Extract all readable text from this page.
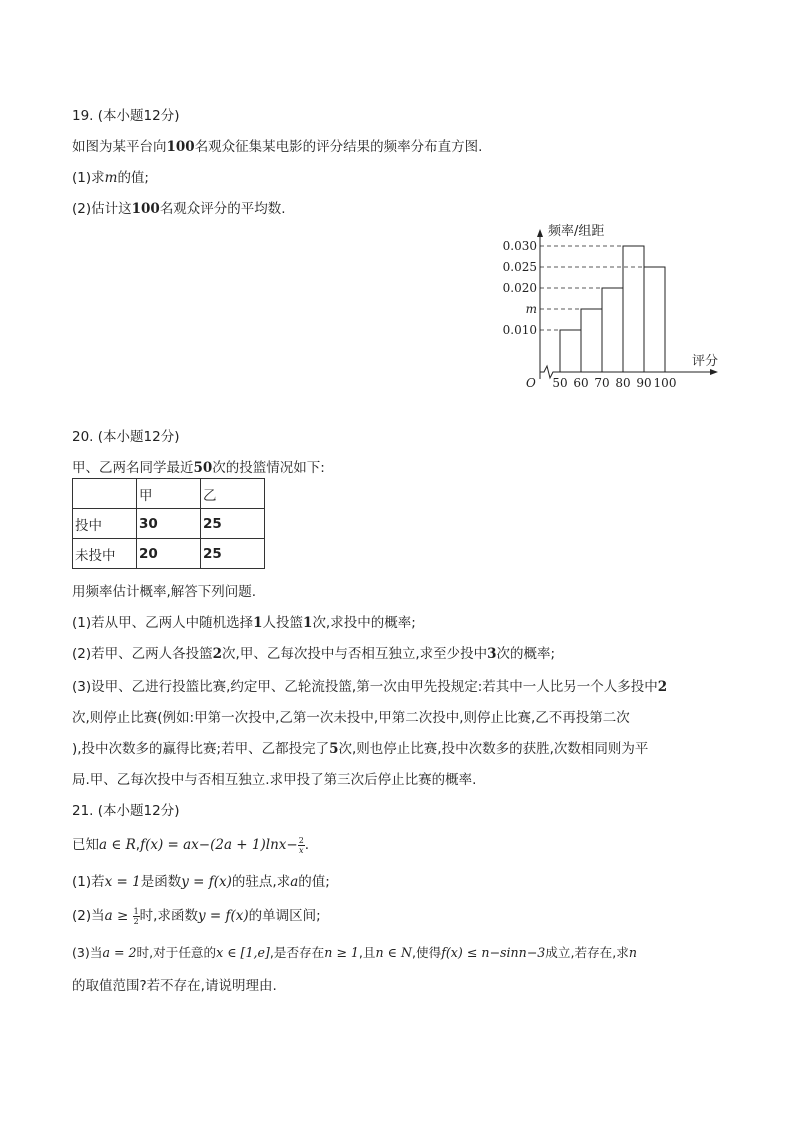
19. (本小题12分)
如图为某平台向100名观众征集某电影的评分结果的频率分布直方图.
(1)求m的值;
(2)估计这100名观众评分的平均数.
频率/组距
评分
O
0.030
0.025
0.020
m
0.010
50 60 70 80 90 100
20. (本小题12分)
甲、乙两名同学最近50次的投篮情况如下:
	甲	乙
投中	30	25
未投中	20	25
用频率估计概率,解答下列问题.
(1)若从甲、乙两人中随机选择1人投篮1次,求投中的概率;
(2)若甲、乙两人各投篮2次,甲、乙每次投中与否相互独立,求至少投中3次的概率;
(3)设甲、乙进行投篮比赛,约定甲、乙轮流投篮,第一次由甲先投规定:若其中一人比另一个人多投中2
次,则停止比赛(例如:甲第一次投中,乙第一次未投中,甲第二次投中,则停止比赛,乙不再投第二次
),投中次数多的赢得比赛;若甲、乙都投完了5次,则也停止比赛,投中次数多的获胜,次数相同则为平
局.甲、乙每次投中与否相互独立.求甲投了第三次后停止比赛的概率.
21. (本小题12分)
已知a ∈ $R,f(x) = ax-(2a + 1)\ln x- \frac{2}{x}$ .
(1)若x = 1是函数y = f(x)的驻点,求a的值;
(2)当$a \ge \frac{1}{2}$ 时,求函数y = f(x)的单调区间;
(3)当a = 2时,对于任意的x ∈ [1,e],是否存在n ≥ 1,且n ∈ N,使得f(x) ≤ n−sinn−3成立,若存在,求n
的取值范围?若不存在,请说明理由.
